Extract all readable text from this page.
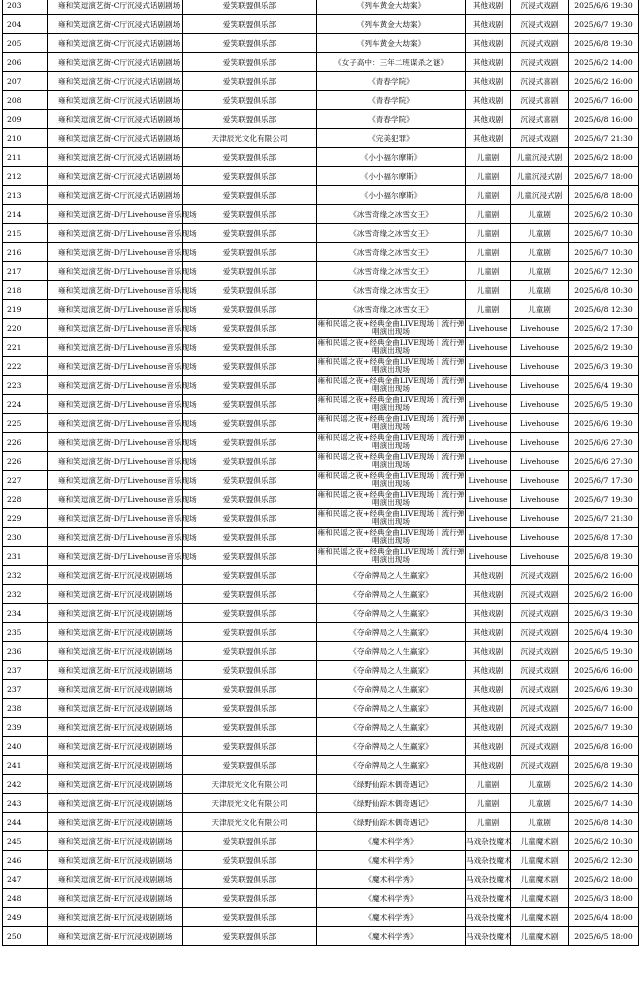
203	雍和笑逗演艺街-C厅沉浸式话剧剧场	爱笑联盟俱乐部	《列车黄金大劫案》	其他戏剧	沉浸式戏剧	2025/6/6 19:30
204	雍和笑逗演艺街-C厅沉浸式话剧剧场	爱笑联盟俱乐部	《列车黄金大劫案》	其他戏剧	沉浸式戏剧	2025/6/7 19:30
205	雍和笑逗演艺街-C厅沉浸式话剧剧场	爱笑联盟俱乐部	《列车黄金大劫案》	其他戏剧	沉浸式戏剧	2025/6/8 19:30
206	雍和笑逗演艺街-C厅沉浸式话剧剧场	爱笑联盟俱乐部	《女子高中：三年二班谋杀之谜》	其他戏剧	沉浸式戏剧	2025/6/2 14:00
207	雍和笑逗演艺街-C厅沉浸式话剧剧场	爱笑联盟俱乐部	《青春学院》	其他戏剧	沉浸式喜剧	2025/6/2 16:00
208	雍和笑逗演艺街-C厅沉浸式话剧剧场	爱笑联盟俱乐部	《青春学院》	其他戏剧	沉浸式喜剧	2025/6/7 16:00
209	雍和笑逗演艺街-C厅沉浸式话剧剧场	爱笑联盟俱乐部	《青春学院》	其他戏剧	沉浸式喜剧	2025/6/8 16:00
210	雍和笑逗演艺街-C厅沉浸式话剧剧场	天津辰光文化有限公司	《完美犯罪》	其他戏剧	沉浸式戏剧	2025/6/7 21:30
211	雍和笑逗演艺街-C厅沉浸式话剧剧场	爱笑联盟俱乐部	《小小福尔摩斯》	儿童剧	儿童沉浸式剧	2025/6/2 18:00
212	雍和笑逗演艺街-C厅沉浸式话剧剧场	爱笑联盟俱乐部	《小小福尔摩斯》	儿童剧	儿童沉浸式剧	2025/6/7 18:00
213	雍和笑逗演艺街-C厅沉浸式话剧剧场	爱笑联盟俱乐部	《小小福尔摩斯》	儿童剧	儿童沉浸式剧	2025/6/8 18:00
214	雍和笑逗演艺街-D厅Livehouse音乐现场	爱笑联盟俱乐部	《冰雪奇缘之冰雪女王》	儿童剧	儿童剧	2025/6/2 10:30
215	雍和笑逗演艺街-D厅Livehouse音乐现场	爱笑联盟俱乐部	《冰雪奇缘之冰雪女王》	儿童剧	儿童剧	2025/6/7 10:30
216	雍和笑逗演艺街-D厅Livehouse音乐现场	爱笑联盟俱乐部	《冰雪奇缘之冰雪女王》	儿童剧	儿童剧	2025/6/7 10:30
217	雍和笑逗演艺街-D厅Livehouse音乐现场	爱笑联盟俱乐部	《冰雪奇缘之冰雪女王》	儿童剧	儿童剧	2025/6/7 12:30
218	雍和笑逗演艺街-D厅Livehouse音乐现场	爱笑联盟俱乐部	《冰雪奇缘之冰雪女王》	儿童剧	儿童剧	2025/6/8 10:30
219	雍和笑逗演艺街-D厅Livehouse音乐现场	爱笑联盟俱乐部	《冰雪奇缘之冰雪女王》	儿童剧	儿童剧	2025/6/8 12:30
220	雍和笑逗演艺街-D厅Livehouse音乐现场	爱笑联盟俱乐部	雍和民谣之夜+经典金曲LIVE现场｜流行弹唱演出现场	Livehouse	Livehouse	2025/6/2 17:30
221	雍和笑逗演艺街-D厅Livehouse音乐现场	爱笑联盟俱乐部	雍和民谣之夜+经典金曲LIVE现场｜流行弹唱演出现场	Livehouse	Livehouse	2025/6/2 19:30
222	雍和笑逗演艺街-D厅Livehouse音乐现场	爱笑联盟俱乐部	雍和民谣之夜+经典金曲LIVE现场｜流行弹唱演出现场	Livehouse	Livehouse	2025/6/3 19:30
223	雍和笑逗演艺街-D厅Livehouse音乐现场	爱笑联盟俱乐部	雍和民谣之夜+经典金曲LIVE现场｜流行弹唱演出现场	Livehouse	Livehouse	2025/6/4 19:30
224	雍和笑逗演艺街-D厅Livehouse音乐现场	爱笑联盟俱乐部	雍和民谣之夜+经典金曲LIVE现场｜流行弹唱演出现场	Livehouse	Livehouse	2025/6/5 19:30
225	雍和笑逗演艺街-D厅Livehouse音乐现场	爱笑联盟俱乐部	雍和民谣之夜+经典金曲LIVE现场｜流行弹唱演出现场	Livehouse	Livehouse	2025/6/6 19:30
226	雍和笑逗演艺街-D厅Livehouse音乐现场	爱笑联盟俱乐部	雍和民谣之夜+经典金曲LIVE现场｜流行弹唱演出现场	Livehouse	Livehouse	2025/6/6 27:30
226	雍和笑逗演艺街-D厅Livehouse音乐现场	爱笑联盟俱乐部	雍和民谣之夜+经典金曲LIVE现场｜流行弹唱演出现场	Livehouse	Livehouse	2025/6/6 27:30
227	雍和笑逗演艺街-D厅Livehouse音乐现场	爱笑联盟俱乐部	雍和民谣之夜+经典金曲LIVE现场｜流行弹唱演出现场	Livehouse	Livehouse	2025/6/7 17:30
228	雍和笑逗演艺街-D厅Livehouse音乐现场	爱笑联盟俱乐部	雍和民谣之夜+经典金曲LIVE现场｜流行弹唱演出现场	Livehouse	Livehouse	2025/6/7 19:30
229	雍和笑逗演艺街-D厅Livehouse音乐现场	爱笑联盟俱乐部	雍和民谣之夜+经典金曲LIVE现场｜流行弹唱演出现场	Livehouse	Livehouse	2025/6/7 21:30
230	雍和笑逗演艺街-D厅Livehouse音乐现场	爱笑联盟俱乐部	雍和民谣之夜+经典金曲LIVE现场｜流行弹唱演出现场	Livehouse	Livehouse	2025/6/8 17:30
231	雍和笑逗演艺街-D厅Livehouse音乐现场	爱笑联盟俱乐部	雍和民谣之夜+经典金曲LIVE现场｜流行弹唱演出现场	Livehouse	Livehouse	2025/6/8 19:30
232	雍和笑逗演艺街-E厅沉浸戏剧剧场	爱笑联盟俱乐部	《夺命牌局之人生赢家》	其他戏剧	沉浸式戏剧	2025/6/2 16:00
232	雍和笑逗演艺街-E厅沉浸戏剧剧场	爱笑联盟俱乐部	《夺命牌局之人生赢家》	其他戏剧	沉浸式戏剧	2025/6/2 16:00
234	雍和笑逗演艺街-E厅沉浸戏剧剧场	爱笑联盟俱乐部	《夺命牌局之人生赢家》	其他戏剧	沉浸式戏剧	2025/6/3 19:30
235	雍和笑逗演艺街-E厅沉浸戏剧剧场	爱笑联盟俱乐部	《夺命牌局之人生赢家》	其他戏剧	沉浸式戏剧	2025/6/4 19:30
236	雍和笑逗演艺街-E厅沉浸戏剧剧场	爱笑联盟俱乐部	《夺命牌局之人生赢家》	其他戏剧	沉浸式戏剧	2025/6/5 19:30
237	雍和笑逗演艺街-E厅沉浸戏剧剧场	爱笑联盟俱乐部	《夺命牌局之人生赢家》	其他戏剧	沉浸式戏剧	2025/6/6 16:00
237	雍和笑逗演艺街-E厅沉浸戏剧剧场	爱笑联盟俱乐部	《夺命牌局之人生赢家》	其他戏剧	沉浸式戏剧	2025/6/6 19:30
238	雍和笑逗演艺街-E厅沉浸戏剧剧场	爱笑联盟俱乐部	《夺命牌局之人生赢家》	其他戏剧	沉浸式戏剧	2025/6/7 16:00
239	雍和笑逗演艺街-E厅沉浸戏剧剧场	爱笑联盟俱乐部	《夺命牌局之人生赢家》	其他戏剧	沉浸式戏剧	2025/6/7 19:30
240	雍和笑逗演艺街-E厅沉浸戏剧剧场	爱笑联盟俱乐部	《夺命牌局之人生赢家》	其他戏剧	沉浸式戏剧	2025/6/8 16:00
241	雍和笑逗演艺街-E厅沉浸戏剧剧场	爱笑联盟俱乐部	《夺命牌局之人生赢家》	其他戏剧	沉浸式戏剧	2025/6/8 19:30
242	雍和笑逗演艺街-E厅沉浸戏剧剧场	天津辰光文化有限公司	《绿野仙踪木偶奇遇记》	儿童剧	儿童剧	2025/6/2 14:30
243	雍和笑逗演艺街-E厅沉浸戏剧剧场	天津辰光文化有限公司	《绿野仙踪木偶奇遇记》	儿童剧	儿童剧	2025/6/7 14:30
244	雍和笑逗演艺街-E厅沉浸戏剧剧场	天津辰光文化有限公司	《绿野仙踪木偶奇遇记》	儿童剧	儿童剧	2025/6/8 14:30
245	雍和笑逗演艺街-E厅沉浸戏剧剧场	爱笑联盟俱乐部	《魔术科学秀》	马戏杂技魔术	儿童魔术剧	2025/6/2 10:30
246	雍和笑逗演艺街-E厅沉浸戏剧剧场	爱笑联盟俱乐部	《魔术科学秀》	马戏杂技魔术	儿童魔术剧	2025/6/2 12:30
247	雍和笑逗演艺街-E厅沉浸戏剧剧场	爱笑联盟俱乐部	《魔术科学秀》	马戏杂技魔术	儿童魔术剧	2025/6/2 18:00
248	雍和笑逗演艺街-E厅沉浸戏剧剧场	爱笑联盟俱乐部	《魔术科学秀》	马戏杂技魔术	儿童魔术剧	2025/6/3 18:00
249	雍和笑逗演艺街-E厅沉浸戏剧剧场	爱笑联盟俱乐部	《魔术科学秀》	马戏杂技魔术	儿童魔术剧	2025/6/4 18:00
250	雍和笑逗演艺街-E厅沉浸戏剧剧场	爱笑联盟俱乐部	《魔术科学秀》	马戏杂技魔术	儿童魔术剧	2025/6/5 18:00
